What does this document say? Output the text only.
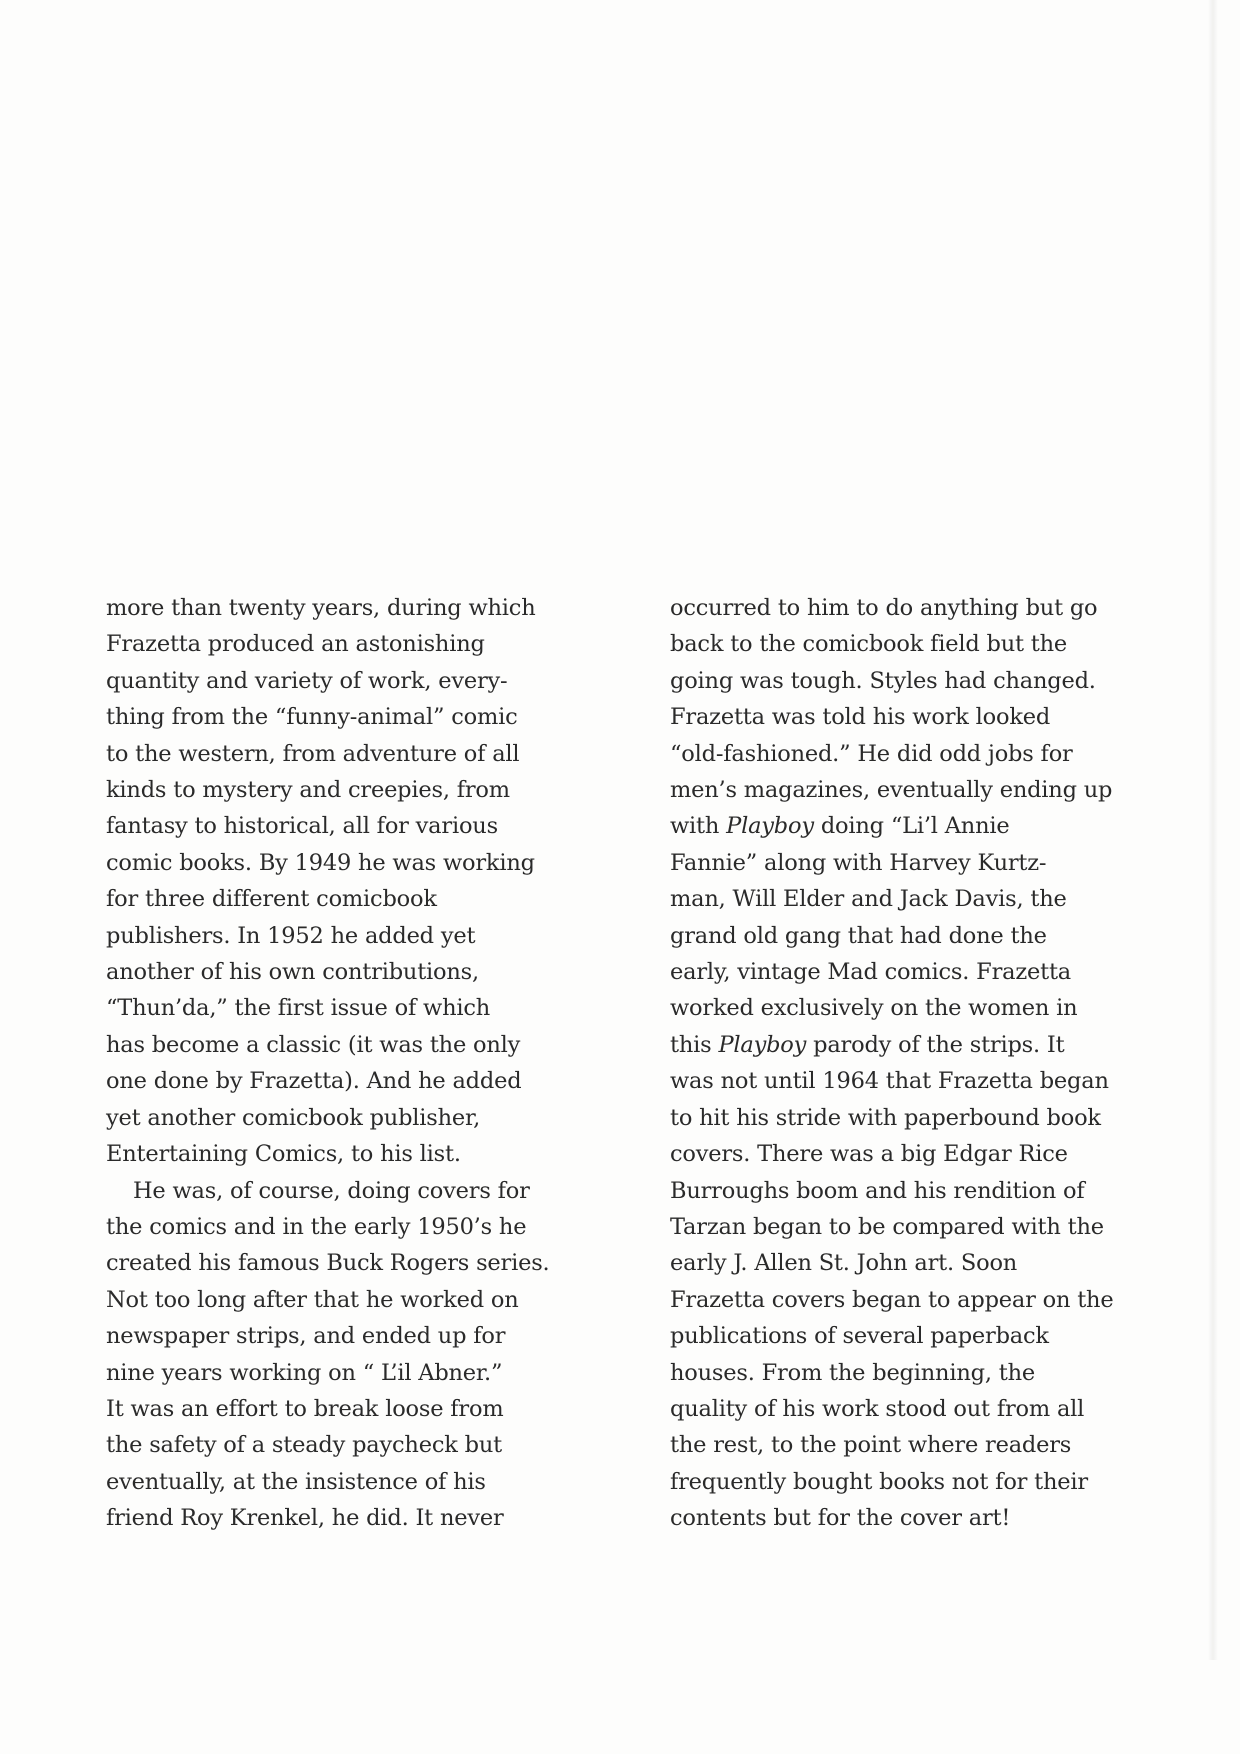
more than twenty years, during which
Frazetta produced an astonishing
quantity and variety of work, every-
thing from the “funny-animal” comic
to the western, from adventure of all
kinds to mystery and creepies, from
fantasy to historical, all for various
comic books. By 1949 he was working
for three different comicbook
publishers. In 1952 he added yet
another of his own contributions,
“Thun’da,” the first issue of which
has become a classic (it was the only
one done by Frazetta). And he added
yet another comicbook publisher,
Entertaining Comics, to his list.
He was, of course, doing covers for
the comics and in the early 1950’s he
created his famous Buck Rogers series.
Not too long after that he worked on
newspaper strips, and ended up for
nine years working on “ L’il Abner.”
It was an effort to break loose from
the safety of a steady paycheck but
eventually, at the insistence of his
friend Roy Krenkel, he did. It never
occurred to him to do anything but go
back to the comicbook field but the
going was tough. Styles had changed.
Frazetta was told his work looked
“old-fashioned.” He did odd jobs for
men’s magazines, eventually ending up
with Playboy doing “Li’l Annie
Fannie” along with Harvey Kurtz-
man, Will Elder and Jack Davis, the
grand old gang that had done the
early, vintage Mad comics. Frazetta
worked exclusively on the women in
this Playboy parody of the strips. It
was not until 1964 that Frazetta began
to hit his stride with paperbound book
covers. There was a big Edgar Rice
Burroughs boom and his rendition of
Tarzan began to be compared with the
early J. Allen St. John art. Soon
Frazetta covers began to appear on the
publications of several paperback
houses. From the beginning, the
quality of his work stood out from all
the rest, to the point where readers
frequently bought books not for their
contents but for the cover art!
